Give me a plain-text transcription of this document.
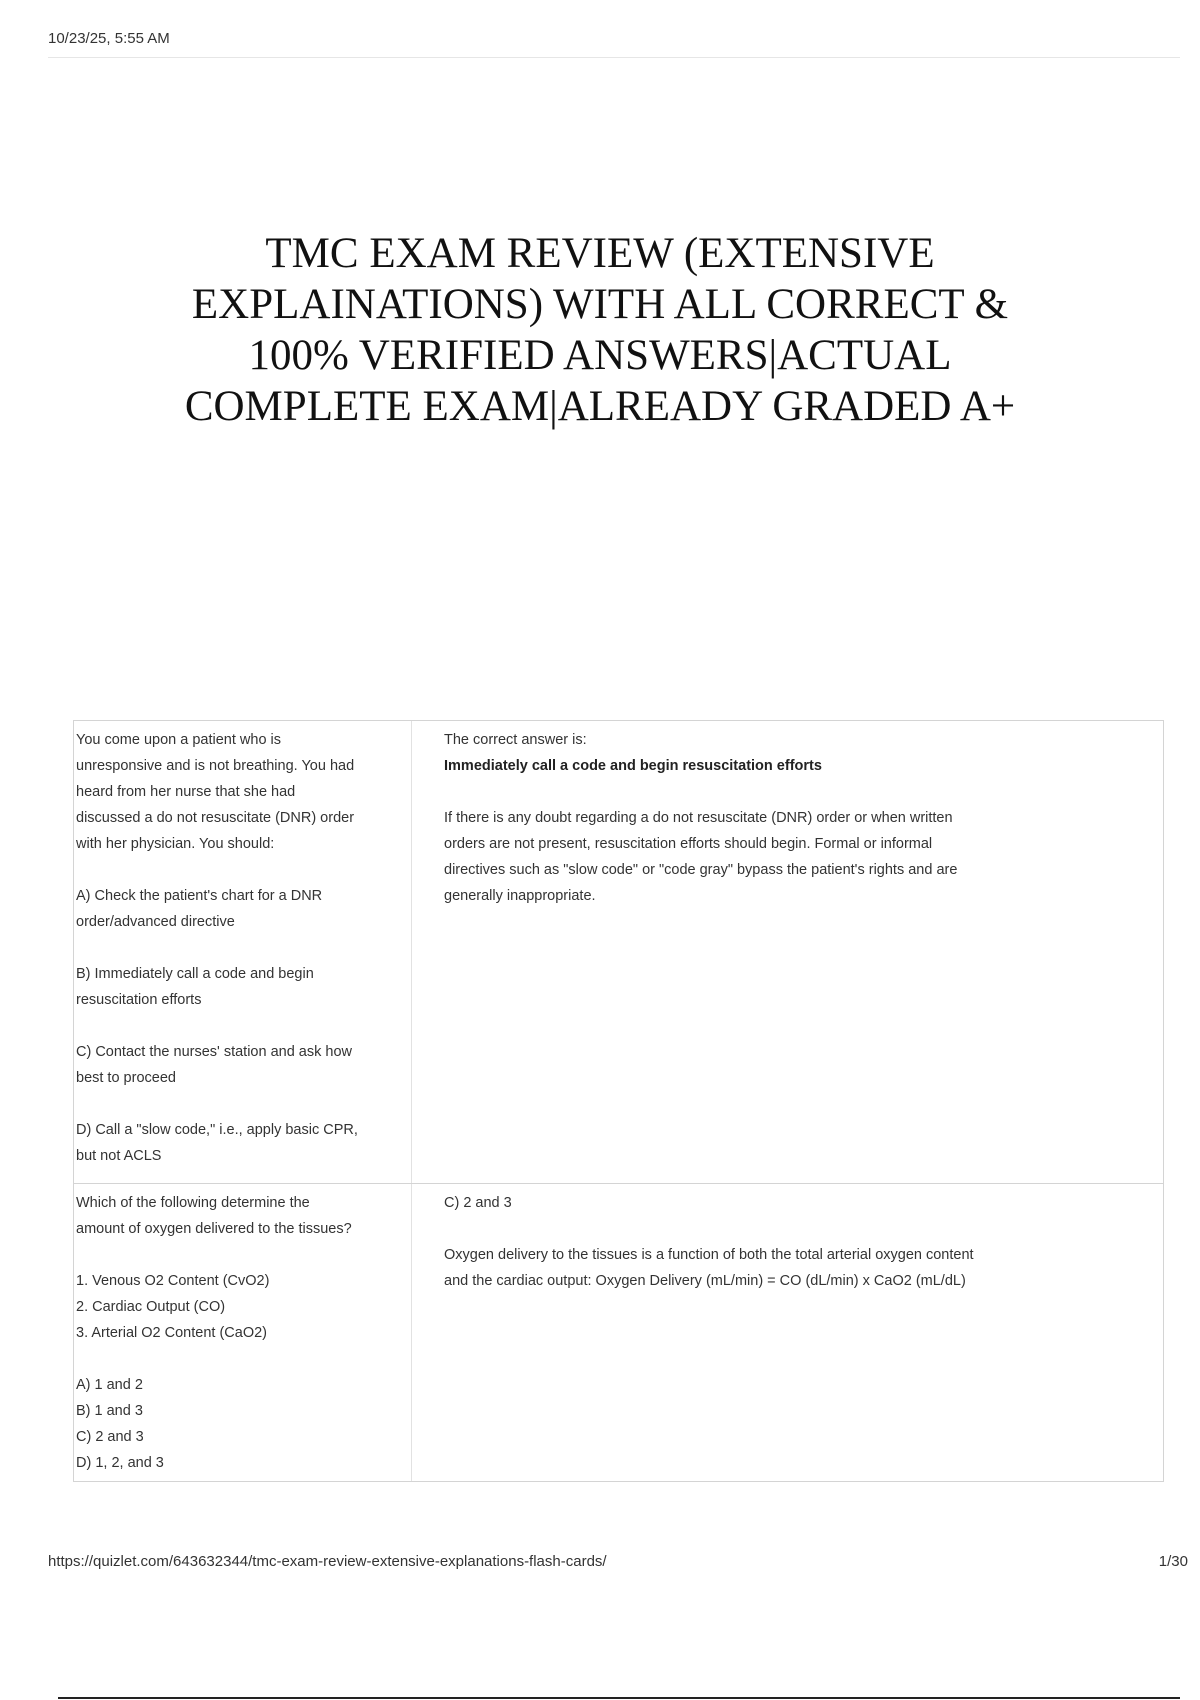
10/23/25, 5:55 AM
TMC EXAM REVIEW (EXTENSIVE
EXPLAINATIONS) WITH ALL CORRECT &
100% VERIFIED ANSWERS|ACTUAL
COMPLETE EXAM|ALREADY GRADED A+
You come upon a patient who is
unresponsive and is not breathing. You had
heard from her nurse that she had
discussed a do not resuscitate (DNR) order
with her physician. You should:

A) Check the patient's chart for a DNR
order/advanced directive

B) Immediately call a code and begin
resuscitation efforts

C) Contact the nurses' station and ask how
best to proceed

D) Call a "slow code," i.e., apply basic CPR,
but not ACLS

The correct answer is:

Immediately call a code and begin resuscitation efforts

If there is any doubt regarding a do not resuscitate (DNR) order or when written
orders are not present, resuscitation efforts should begin. Formal or informal
directives such as "slow code" or "code gray" bypass the patient's rights and are
generally inappropriate.

Which of the following determine the
amount of oxygen delivered to the tissues?

1. Venous O2 Content (CvO2)
2. Cardiac Output (CO)
3. Arterial O2 Content (CaO2)

A) 1 and 2
B) 1 and 3
C) 2 and 3
D) 1, 2, and 3

C) 2 and 3

Oxygen delivery to the tissues is a function of both the total arterial oxygen content
and the cardiac output: Oxygen Delivery (mL/min) = CO (dL/min) x CaO2 (mL/dL)

https://quizlet.com/643632344/tmc-exam-review-extensive-explanations-flash-cards/	1/30
